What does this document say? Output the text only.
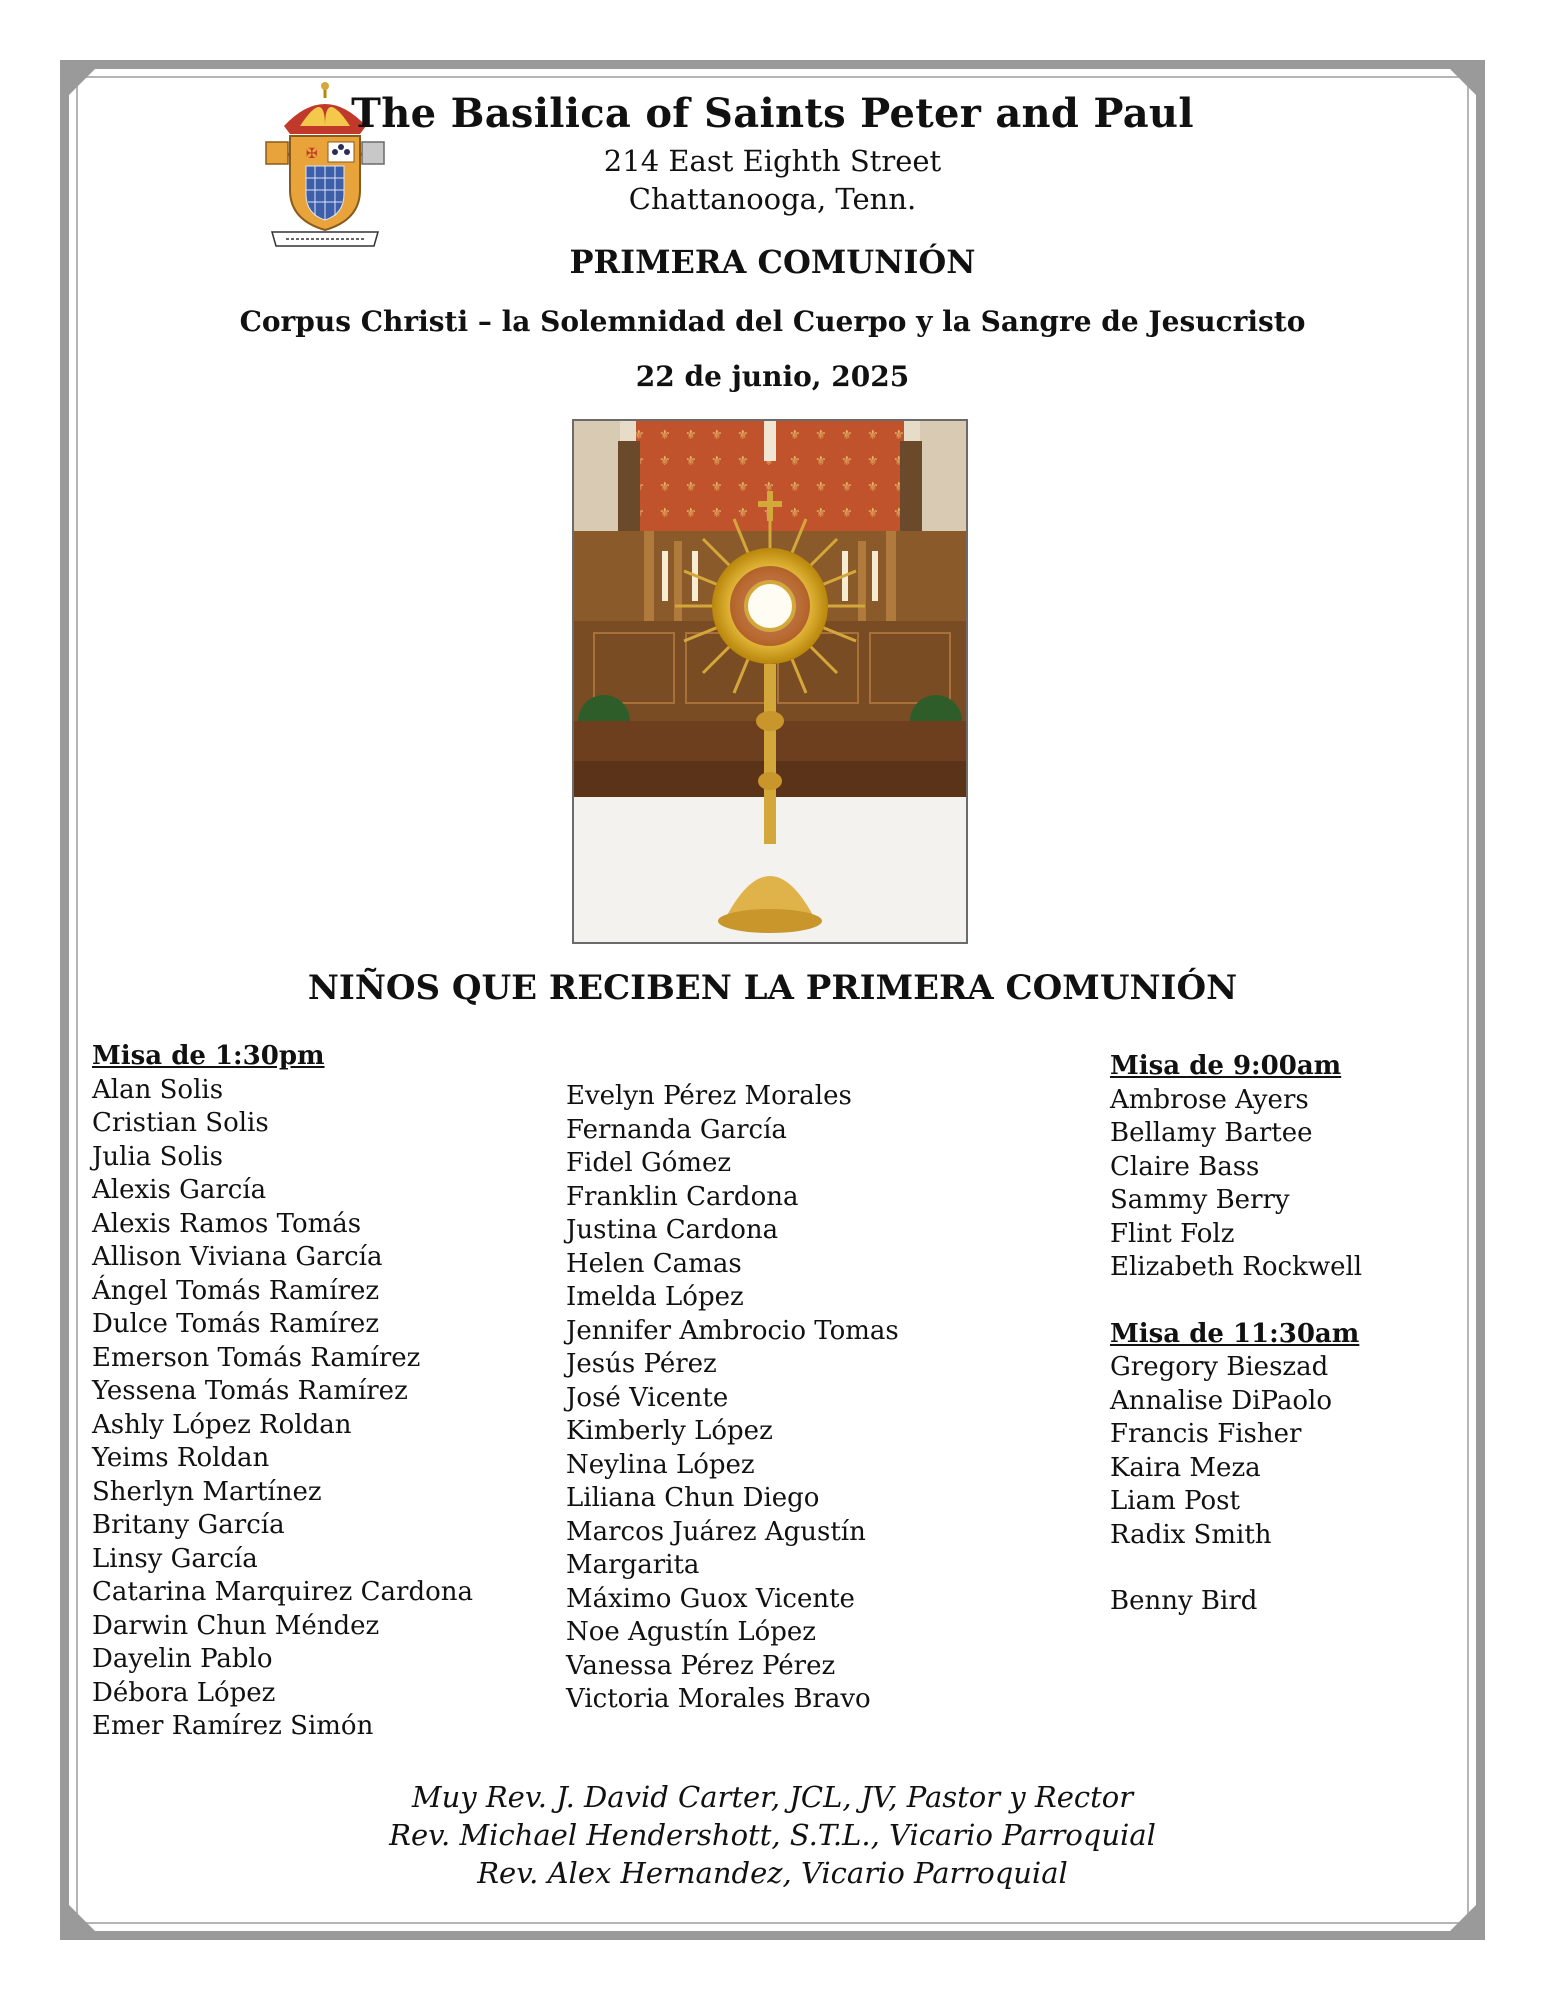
✠
The Basilica of Saints Peter and Paul
214 East Eighth Street
Chattanooga, Tenn.
PRIMERA COMUNIÓN
Corpus Christi – la Solemnidad del Cuerpo y la Sangre de Jesucristo
22 de junio, 2025
NIÑOS QUE RECIBEN LA PRIMERA COMUNIÓN
Misa de 1:30pm
Alan Solis
Cristian Solis
Julia Solis
Alexis García
Alexis Ramos Tomás
Allison Viviana García
Ángel Tomás Ramírez
Dulce Tomás Ramírez
Emerson Tomás Ramírez
Yessena Tomás Ramírez
Ashly López Roldan
Yeims Roldan
Sherlyn Martínez
Britany García
Linsy García
Catarina Marquirez Cardona
Darwin Chun Méndez
Dayelin Pablo
Débora López
Emer Ramírez Simón
Evelyn Pérez Morales
Fernanda García
Fidel Gómez
Franklin Cardona
Justina Cardona
Helen Camas
Imelda López
Jennifer Ambrocio Tomas
Jesús Pérez
José Vicente
Kimberly López
Neylina López
Liliana Chun Diego
Marcos Juárez Agustín
Margarita
Máximo Guox Vicente
Noe Agustín López
Vanessa Pérez Pérez
Victoria Morales Bravo
Misa de 9:00am
Ambrose Ayers
Bellamy Bartee
Claire Bass
Sammy Berry
Flint Folz
Elizabeth Rockwell
Misa de 11:30am
Gregory Bieszad
Annalise DiPaolo
Francis Fisher
Kaira Meza
Liam Post
Radix Smith
Benny Bird
Muy Rev. J. David Carter, JCL, JV, Pastor y Rector
Rev. Michael Hendershott, S.T.L., Vicario Parroquial
Rev. Alex Hernandez, Vicario Parroquial
